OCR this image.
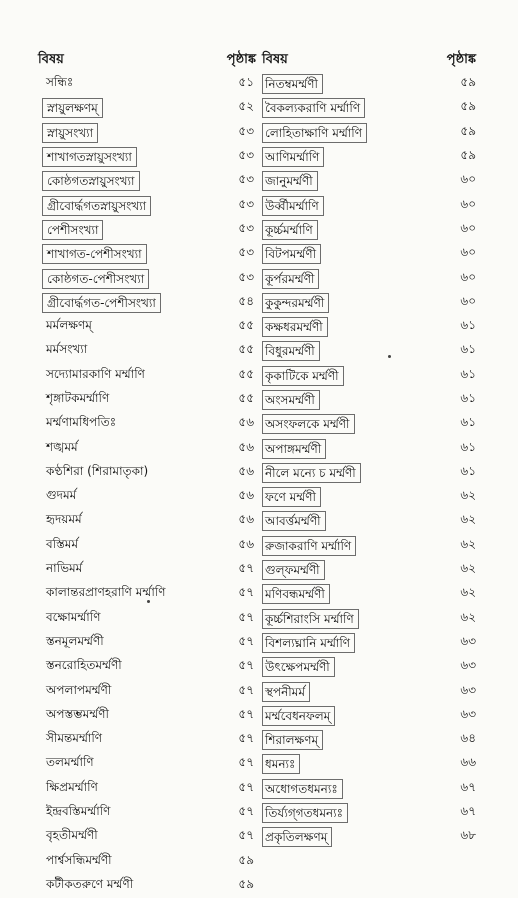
বিষয়	পৃষ্ঠাঙ্ক
সন্ধিঃ	৫১
স্নায়ুলক্ষণম্	৫২
স্নায়ুসংখ্যা	৫৩
শাখাগতস্নায়ুসংখ্যা	৫৩
কোষ্ঠগতস্নায়ুসংখ্যা	৫৩
গ্রীবোর্দ্ধগতস্নায়ুসংখ্যা	৫৩
পেশীসংখ্যা	৫৩
শাখাগত-পেশীসংখ্যা	৫৩
কোষ্ঠগত-পেশীসংখ্যা	৫৩
গ্রীবোর্দ্ধগত-পেশীসংখ্যা	৫৪
মর্মলক্ষণম্	৫৫
মর্মসংখ্যা	৫৫
সদ্যোমারকাণি মর্ম্মাণি	৫৫
শৃঙ্গাটকমর্ম্মাণি	৫৫
মর্ম্মণামধিপতিঃ	৫৬
শঙ্খমর্ম	৫৬
কণ্ঠশিরা (শিরামাতৃকা)	৫৬
গুদমর্ম	৫৬
হৃদয়মর্ম	৫৬
বস্তিমর্ম	৫৬
নাভিমর্ম	৫৭
কালান্তরপ্রাণহরাণি মর্ম্মাণি	৫৭
বক্ষোমর্ম্মাণি	৫৭
স্তনমূলমর্ম্মণী	৫৭
স্তনরোহিতমর্ম্মণী	৫৭
অপলাপমর্ম্মণী	৫৭
অপস্তম্ভমর্ম্মণী	৫৭
সীমন্তমর্ম্মাণি	৫৭
তলমর্ম্মাণি	৫৭
ক্ষিপ্রমর্ম্মাণি	৫৭
ইন্দ্রবস্তিমর্ম্মাণি	৫৭
বৃহতীমর্ম্মণী	৫৭
পার্শ্বসন্ধিমর্ম্মণী	৫৯
কটীকতরুণে মর্ম্মণী	৫৯
বিষয়	পৃষ্ঠাঙ্ক
নিতম্বমর্ম্মণী	৫৯
বৈকল্যকরাণি মর্ম্মাণি	৫৯
লোহিতাক্ষাণি মর্ম্মাণি	৫৯
আণিমর্ম্মাণি	৫৯
জানুমর্ম্মণী	৬০
উর্ব্বীমর্ম্মাণি	৬০
কূর্চ্চমর্ম্মাণি	৬০
বিটপমর্ম্মণী	৬০
কূর্পরমর্ম্মণী	৬০
কুকুন্দরমর্ম্মণী	৬০
কক্ষধরমর্ম্মণী	৬১
বিধুরমর্ম্মণী	৬১
কৃকাটিকে মর্ম্মণী	৬১
অংসমর্ম্মণী	৬১
অসংফলকে মর্ম্মণী	৬১
অপাঙ্গমর্ম্মণী	৬১
নীলে মন্যে চ মর্ম্মণী	৬১
ফণে মর্ম্মণী	৬২
আবর্ত্তমর্ম্মণী	৬২
রুজাকরাণি মর্ম্মাণি	৬২
গুল্‌ফমর্ম্মণী	৬২
মণিবন্ধমর্ম্মণী	৬২
কূর্চ্চশিরাংসি মর্ম্মাণি	৬২
বিশল্যঘ্নানি মর্ম্মাণি	৬৩
উৎক্ষেপমর্ম্মণী	৬৩
স্থপনীমর্ম	৬৩
মর্ম্মবেধনফলম্	৬৩
শিরালক্ষণম্	৬৪
ধমন্যঃ	৬৬
অধোগতধমন্যঃ	৬৭
তির্য্যগ্‌গতধমন্যঃ	৬৭
প্রকৃতিলক্ষণম্	৬৮
